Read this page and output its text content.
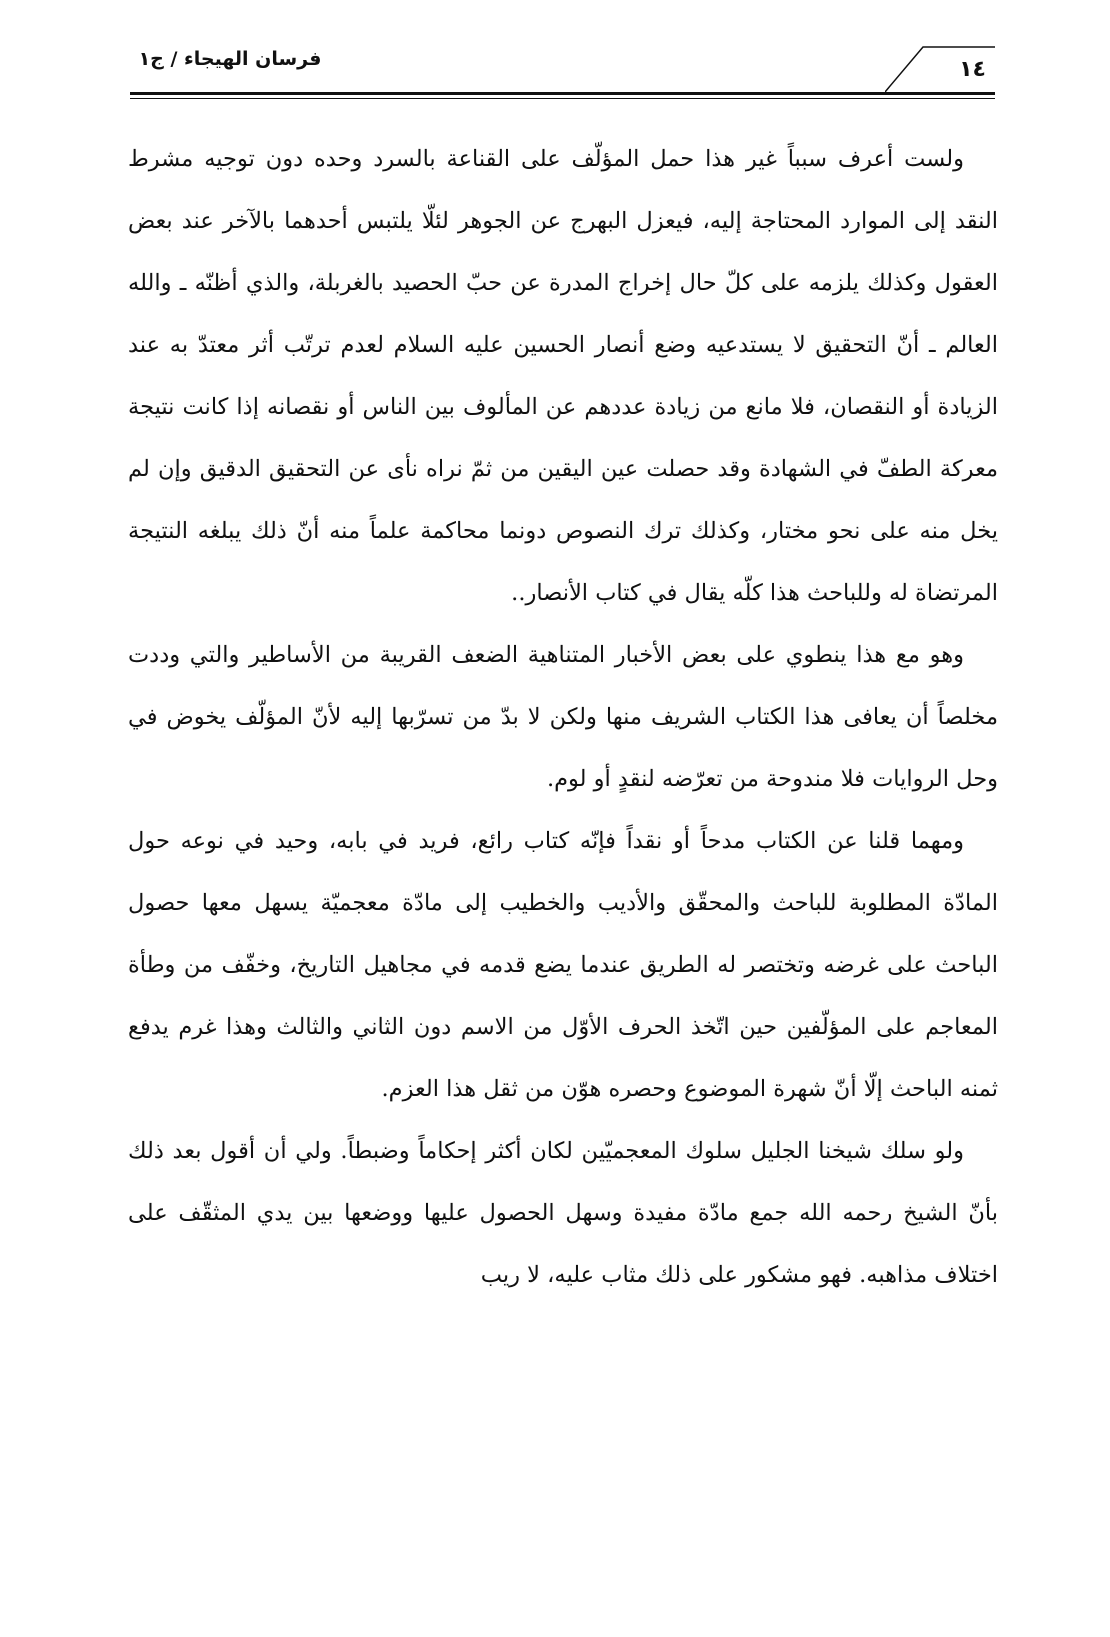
فرسان الهيجاء / ج١	١٤

ولست أعرف سبباً غير هذا حمل المؤلّف على القناعة بالسرد وحده دون توجيه مشرط النقد إلى الموارد المحتاجة إليه، فيعزل البهرج عن الجوهر لئلّا يلتبس أحدهما بالآخر عند بعض العقول وكذلك يلزمه على كلّ حال إخراج المدرة عن حبّ الحصيد بالغربلة، والذي أظنّه ـ والله العالم ـ أنّ التحقيق لا يستدعيه وضع أنصار الحسين عليه السلام لعدم ترتّب أثر معتدّ به عند الزيادة أو النقصان، فلا مانع من زيادة عددهم عن المألوف بين الناس أو نقصانه إذا كانت نتيجة معركة الطفّ في الشهادة وقد حصلت عين اليقين من ثمّ نراه نأى عن التحقيق الدقيق وإن لم يخل منه على نحو مختار، وكذلك ترك النصوص دونما محاكمة علماً منه أنّ ذلك يبلغه النتيجة المرتضاة له وللباحث هذا كلّه يقال في كتاب الأنصار..

وهو مع هذا ينطوي على بعض الأخبار المتناهية الضعف القريبة من الأساطير والتي وددت مخلصاً أن يعافى هذا الكتاب الشريف منها ولكن لا بدّ من تسرّبها إليه لأنّ المؤلّف يخوض في وحل الروايات فلا مندوحة من تعرّضه لنقدٍ أو لوم.

ومهما قلنا عن الكتاب مدحاً أو نقداً فإنّه كتاب رائع، فريد في بابه، وحيد في نوعه حول المادّة المطلوبة للباحث والمحقّق والأديب والخطيب إلى مادّة معجميّة يسهل معها حصول الباحث على غرضه وتختصر له الطريق عندما يضع قدمه في مجاهيل التاريخ، وخفّف من وطأة المعاجم على المؤلّفين حين اتّخذ الحرف الأوّل من الاسم دون الثاني والثالث وهذا غرم يدفع ثمنه الباحث إلّا أنّ شهرة الموضوع وحصره هوّن من ثقل هذا العزم.

ولو سلك شيخنا الجليل سلوك المعجميّين لكان أكثر إحكاماً وضبطاً. ولي أن أقول بعد ذلك بأنّ الشيخ رحمه الله جمع مادّة مفيدة وسهل الحصول عليها ووضعها بين يدي المثقّف على اختلاف مذاهبه. فهو مشكور على ذلك مثاب عليه، لا ريب
